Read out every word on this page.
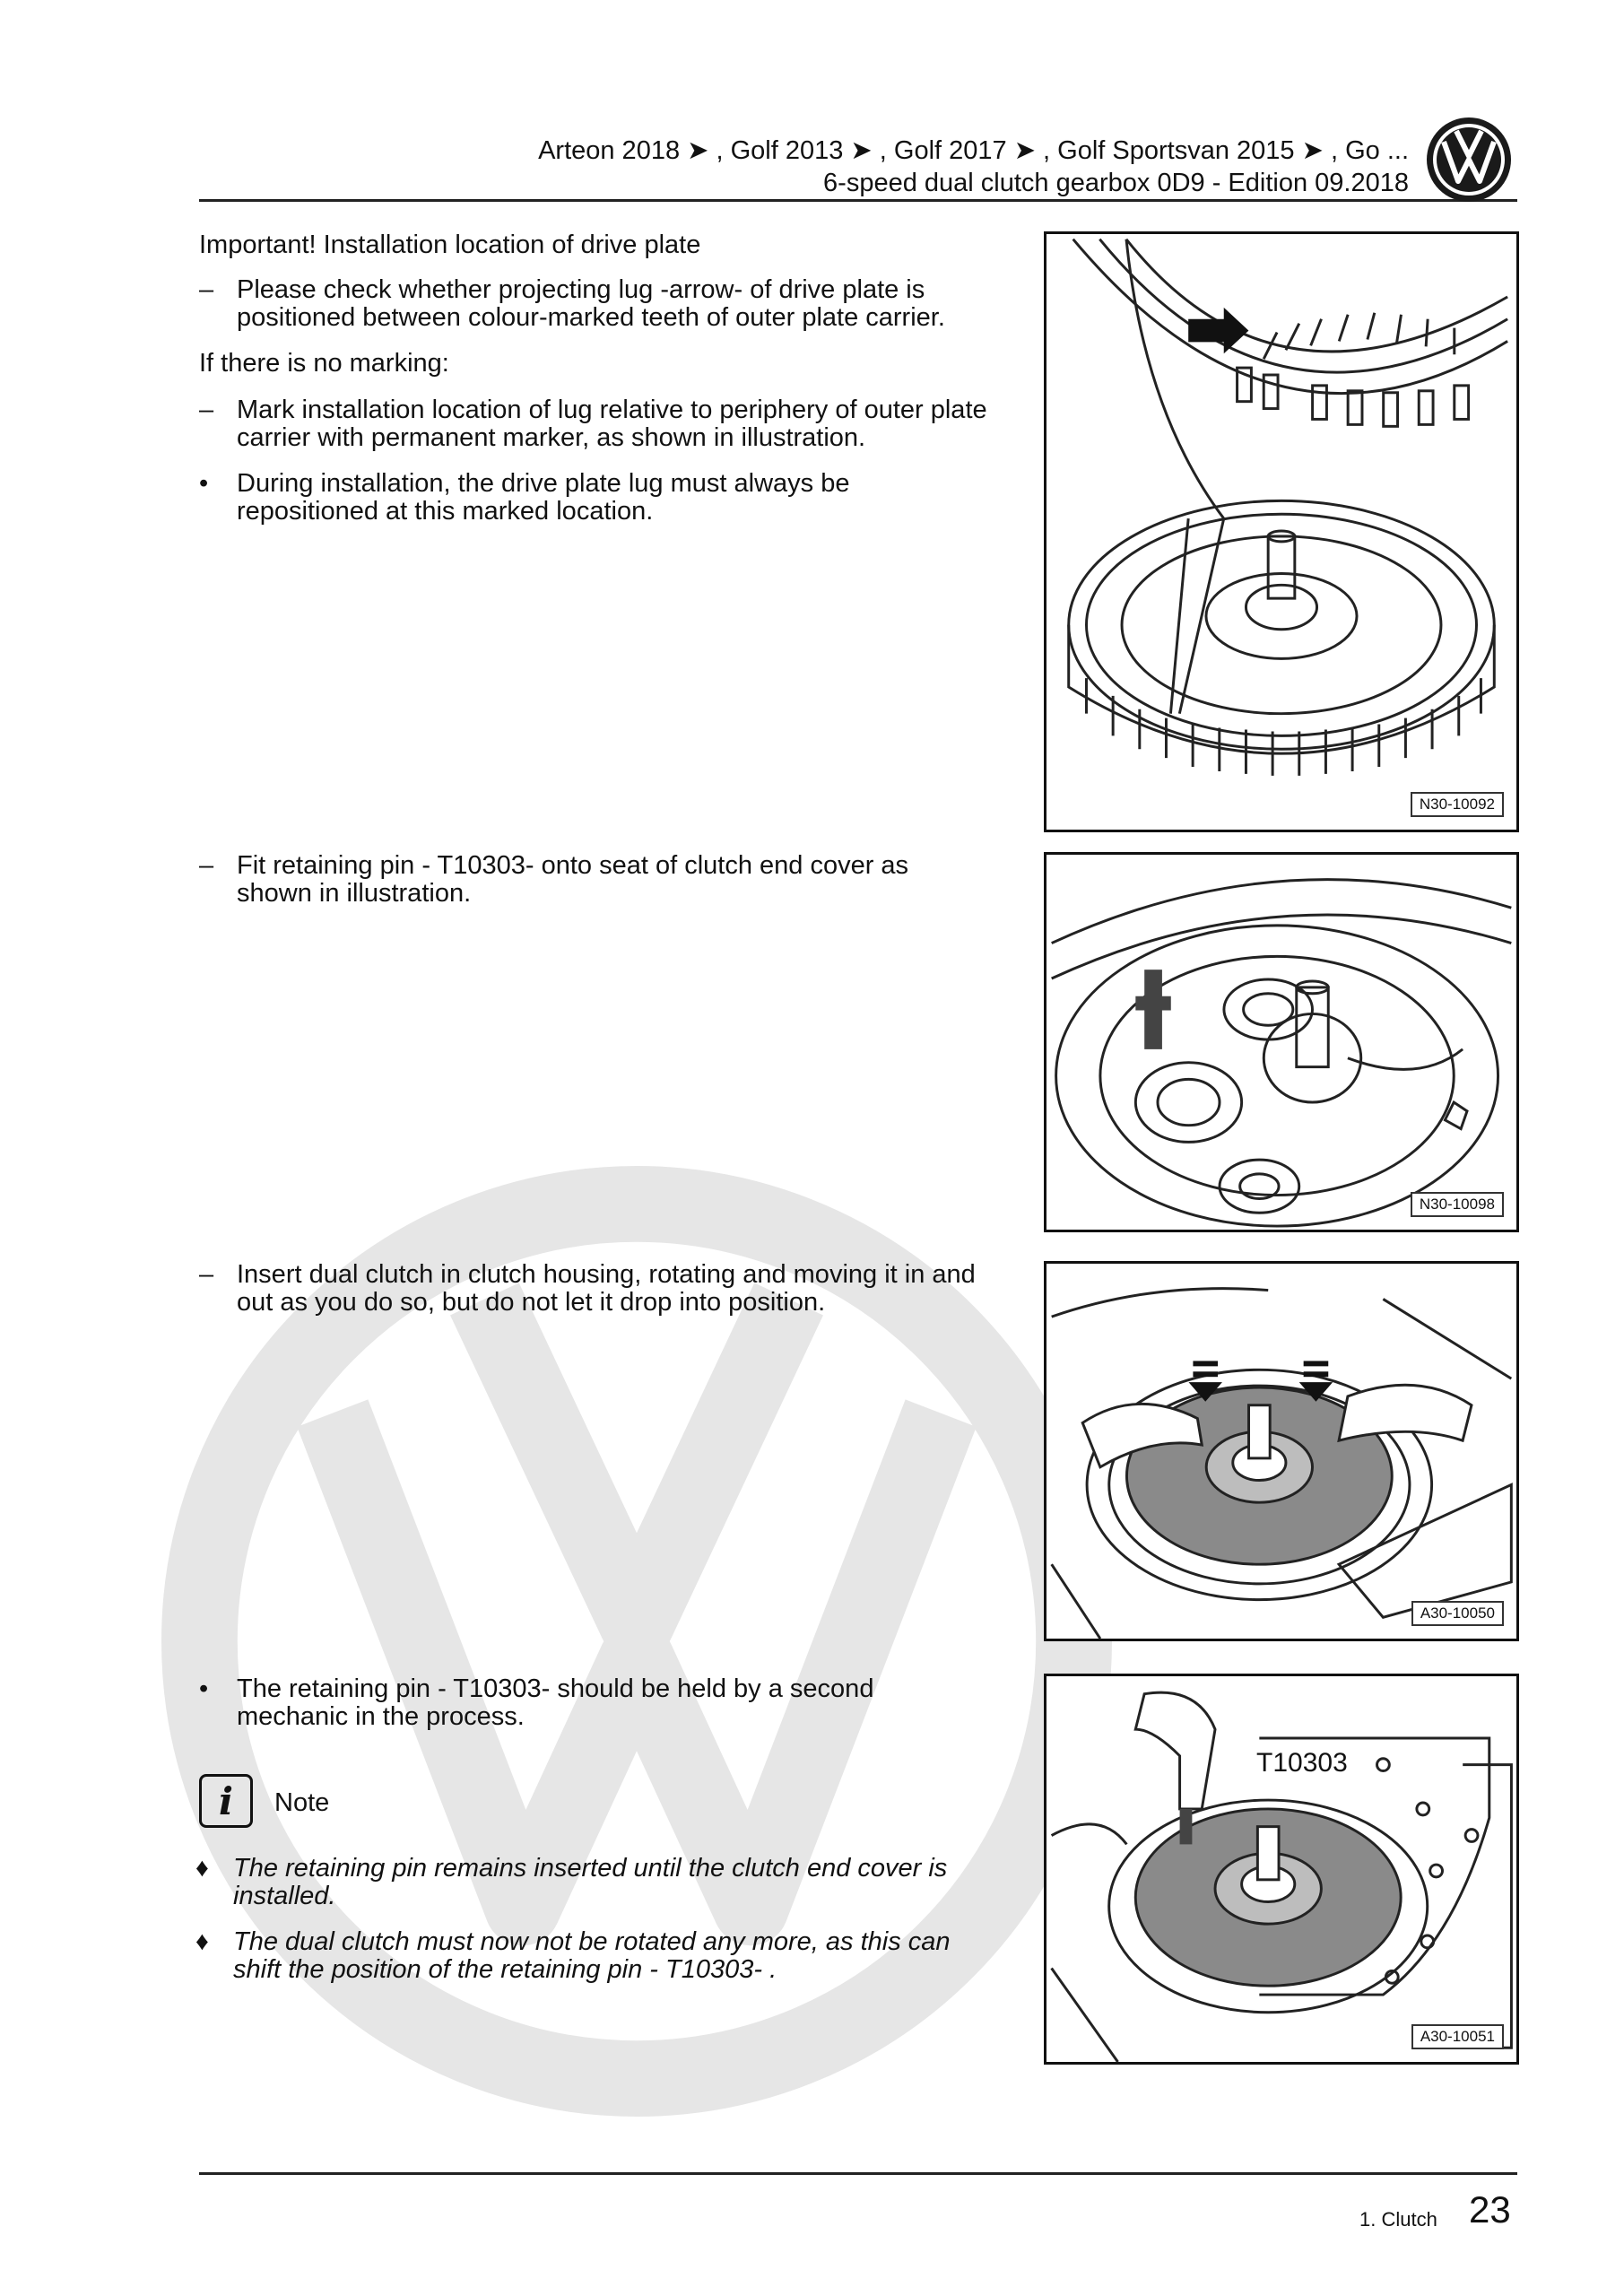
Arteon 2018 ➤ , Golf 2013 ➤ , Golf 2017 ➤ , Golf Sportsvan 2015 ➤ , Go ...
6-speed dual clutch gearbox 0D9 - Edition 09.2018
Important! Installation location of drive plate
– Please check whether projecting lug -arrow- of drive plate is positioned between colour-marked teeth of outer plate carrier.
If there is no marking:
– Mark installation location of lug relative to periphery of outer plate carrier with permanent marker, as shown in illustration.
•	During installation, the drive plate lug must always be repositioned at this marked location.
– Fit retaining pin - T10303- onto seat of clutch end cover as shown in illustration.
– Insert dual clutch in clutch housing, rotating and moving it in and out as you do so, but do not let it drop into position.
•	The retaining pin - T10303- should be held by a second mechanic in the process.
i Note
♦ The retaining pin remains inserted until the clutch end cover is installed.
♦ The dual clutch must now not be rotated any more, as this can shift the position of the retaining pin - T10303- .
N30-10092
N30-10098
A30-10050
T10303
A30-10051
1. Clutch 23
